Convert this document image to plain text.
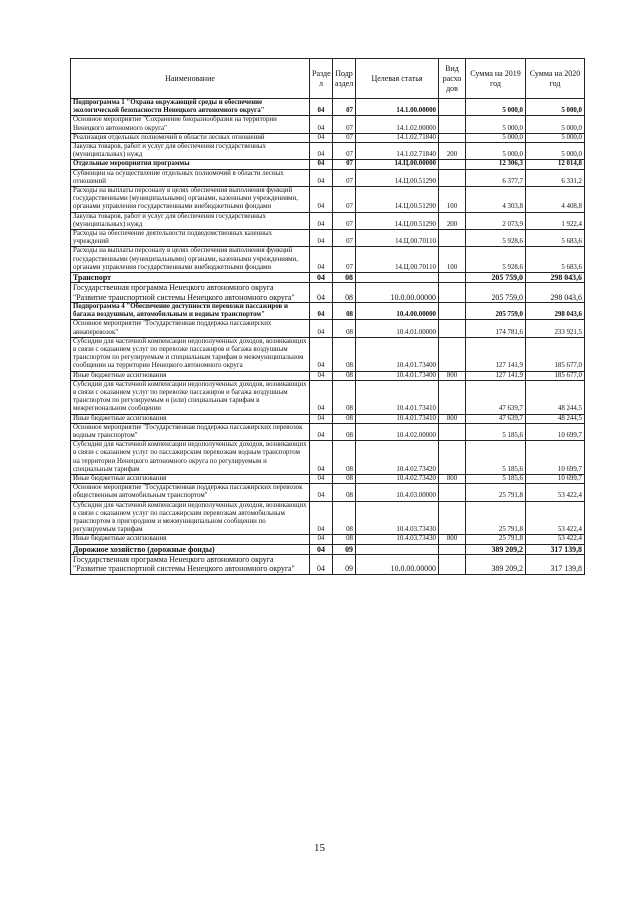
Наименование	Разде л	Подр аздел	Целевая статья	Вид расхо дов	Сумма на 2019 год	Сумма на 2020 год
Подпрограмма 1 "Охрана окружающей среды и обеспечение экологической безопасности Ненецкого автономного округа"	04	07	14.1.00.00000		5 000,0	5 000,0
Основное мероприятие "Сохранение биоразнообразия на территории Ненецкого автономного округа"	04	07	14.1.02.00000		5 000,0	5 000,0
Реализация отдельных полномочий в области лесных отношений	04	07	14.1.02.71840		5 000,0	5 000,0
Закупка товаров, работ и услуг для обеспечения государственных (муниципальных) нужд	04	07	14.1.02.71840	200	5 000,0	5 000,0
Отдельные мероприятия программы	04	07	14.Ц.00.00000		12 306,3	12 014,8
Субвенции на осуществление отдельных полномочий в области лесных отношений	04	07	14.Ц.00.51290		6 377,7	6 331,2
Расходы на выплаты персоналу в целях обеспечения выполнения функций государственными (муниципальными) органами, казенными учреждениями, органами управления государственными внебюджетными фондами	04	07	14.Ц.00.51290	100	4 303,8	4 408,8
Закупка товаров, работ и услуг для обеспечения государственных (муниципальных) нужд	04	07	14.Ц.00.51290	200	2 073,9	1 922,4
Расходы на обеспечение деятельности подведомственных казенных учреждений	04	07	14.Ц.00.70110		5 928,6	5 683,6
Расходы на выплаты персоналу в целях обеспечения выполнения функций государственными (муниципальными) органами, казенными учреждениями, органами управления государственными внебюджетными фондами	04	07	14.Ц.00.70110	100	5 928,6	5 683,6
Транспорт	04	08			205 759,0	298 043,6
Государственная программа Ненецкого автономного округа "Развитие транспортной системы Ненецкого автономного округа"	04	08	10.0.00.00000		205 759,0	298 043,6
Подпрограмма 4 "Обеспечение доступности перевозки пассажиров и багажа воздушным, автомобильным и водным транспортом"	04	08	10.4.00.00000		205 759,0	298 043,6
Основное мероприятие "Государственная поддержка пассажирских авиаперевозок"	04	08	10.4.01.00000		174 781,6	233 921,5
Субсидии для частичной компенсации недополученных доходов, возникающих в связи с оказанием услуг по перевозке пассажиров и багажа воздушным транспортом по регулируемым и специальным тарифам в межмуниципальном сообщении на территории Ненецкого автономного округа	04	08	10.4.01.73400		127 141,9	185 677,0
Иные бюджетные ассигнования	04	08	10.4.01.73400	800	127 141,9	185 677,0
Субсидии для частичной компенсации недополученных доходов, возникающих в связи с оказанием услуг по перевозке пассажиров и багажа воздушным транспортом по регулируемым и (или) специальным тарифам в межрегиональном сообщении	04	08	10.4.01.73410		47 639,7	48 244,5
Иные бюджетные ассигнования	04	08	10.4.01.73410	800	47 639,7	48 244,5
Основное мероприятие "Государственная поддержка пассажирских перевозок водным транспортом"	04	08	10.4.02.00000		5 185,6	10 699,7
Субсидии для частичной компенсации недополученных доходов, возникающих в связи с оказанием услуг по пассажирским перевозкам водным транспортом на территории Ненецкого автономного округа по регулируемым и специальным тарифам	04	08	10.4.02.73420		5 185,6	10 699,7
Иные бюджетные ассигнования	04	08	10.4.02.73420	800	5 185,6	10 699,7
Основное мероприятие "Государственная поддержка пассажирских перевозок общественным автомобильным транспортом"	04	08	10.4.03.00000		25 791,8	53 422,4
Субсидии для частичной компенсации недополученных доходов, возникающих в связи с оказанием услуг по пассажирским перевозкам автомобильным транспортом в пригородном и межмуниципальном сообщении по регулируемым тарифам	04	08	10.4.03.73430		25 791,8	53 422,4
Иные бюджетные ассигнования	04	08	10.4.03.73430	800	25 791,8	53 422,4
Дорожное хозяйство (дорожные фонды)	04	09			389 209,2	317 139,8
Государственная программа Ненецкого автономного округа "Развитие транспортной системы Ненецкого автономного округа"	04	09	10.0.00.00000		389 209,2	317 139,8
15
